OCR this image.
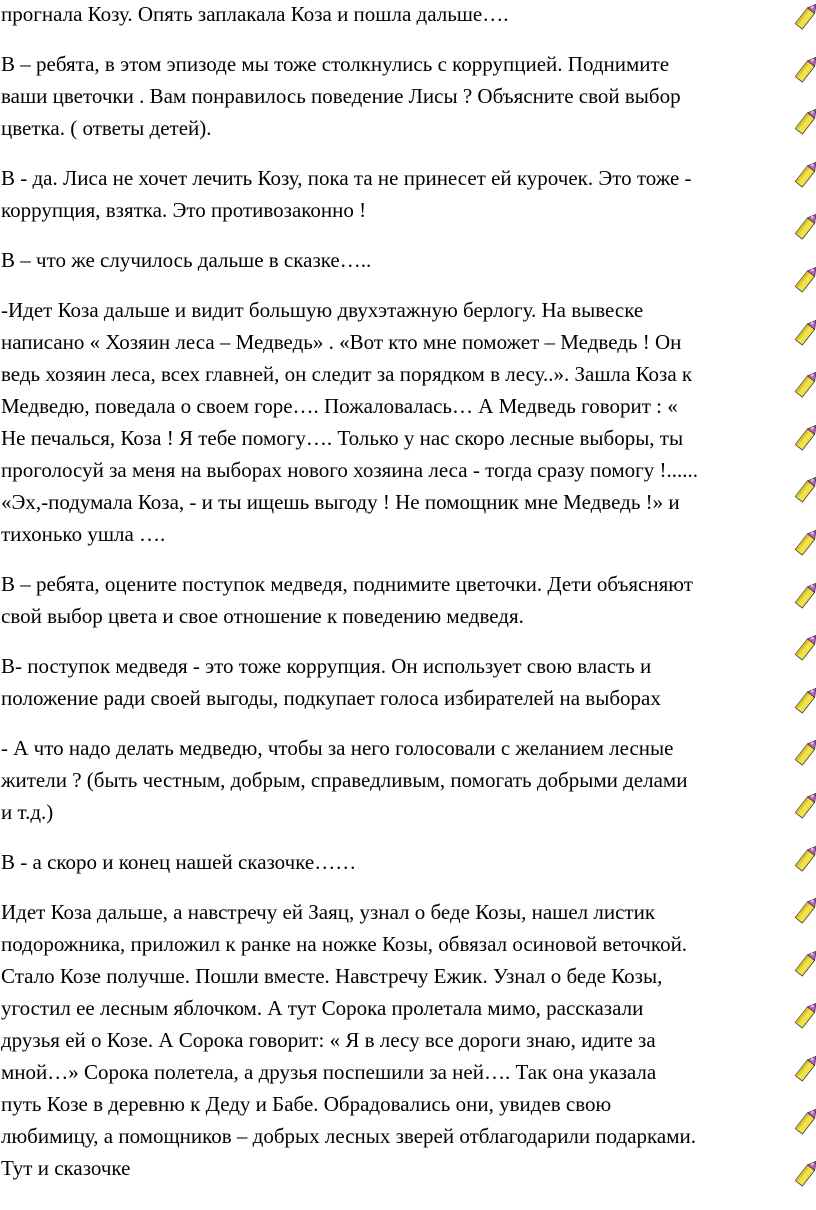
прогнала Козу. Опять заплакала Коза и пошла дальше….

В – ребята, в этом эпизоде мы тоже столкнулись с коррупцией. Поднимите
ваши цветочки . Вам понравилось поведение Лисы ? Объясните свой выбор
цветка. ( ответы детей).

В - да. Лиса не хочет лечить Козу, пока та не принесет ей курочек. Это тоже -
коррупция, взятка. Это противозаконно !

В – что же случилось дальше в сказке…..

-Идет Коза дальше и видит большую двухэтажную берлогу. На вывеске
написано « Хозяин леса – Медведь» . «Вот кто мне поможет – Медведь ! Он
ведь хозяин леса, всех главней, он следит за порядком в лесу..». Зашла Коза к
Медведю, поведала о своем горе…. Пожаловалась… А Медведь говорит : «
Не печалься, Коза ! Я тебе помогу…. Только у нас скоро лесные выборы, ты
проголосуй за меня на выборах нового хозяина леса - тогда сразу помогу !......
«Эх,-подумала Коза, - и ты ищешь выгоду ! Не помощник мне Медведь !» и
тихонько ушла ….

В – ребята, оцените поступок медведя, поднимите цветочки. Дети объясняют
свой выбор цвета и свое отношение к поведению медведя.

В- поступок медведя - это тоже коррупция. Он использует свою власть и
положение ради своей выгоды, подкупает голоса избирателей на выборах

- А что надо делать медведю, чтобы за него голосовали с желанием лесные
жители ? (быть честным, добрым, справедливым, помогать добрыми делами
и т.д.)

В - а скоро и конец нашей сказочке……

Идет Коза дальше, а навстречу ей Заяц, узнал о беде Козы, нашел листик
подорожника, приложил к ранке на ножке Козы, обвязал осиновой веточкой.
Стало Козе получше. Пошли вместе. Навстречу Ежик. Узнал о беде Козы,
угостил ее лесным яблочком. А тут Сорока пролетала мимо, рассказали
друзья ей о Козе. А Сорока говорит: « Я в лесу все дороги знаю, идите за
мной…» Сорока полетела, а друзья поспешили за ней…. Так она указала
путь Козе в деревню к Деду и Бабе. Обрадовались они, увидев свою
любимицу, а помощников – добрых лесных зверей отблагодарили подарками.
Тут и сказочке
